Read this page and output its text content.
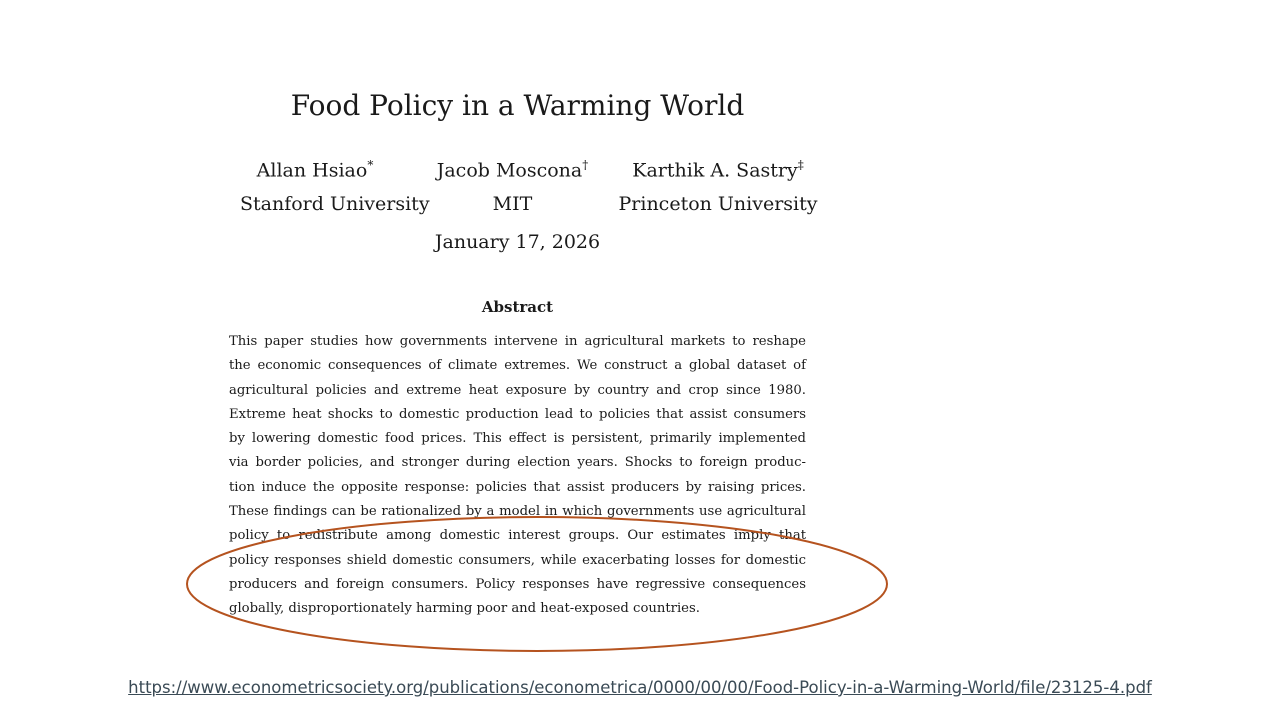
Food Policy in a Warming World
Allan Hsiao*
Stanford University
Jacob Moscona†
MIT
Karthik A. Sastry‡
Princeton University
January 17, 2026
Abstract
This paper studies how governments intervene in agricultural markets to reshape
the economic consequences of climate extremes. We construct a global dataset of
agricultural policies and extreme heat exposure by country and crop since 1980.
Extreme heat shocks to domestic production lead to policies that assist consumers
by lowering domestic food prices. This effect is persistent, primarily implemented
via border policies, and stronger during election years. Shocks to foreign produc-
tion induce the opposite response: policies that assist producers by raising prices.
These findings can be rationalized by a model in which governments use agricultural
policy to redistribute among domestic interest groups. Our estimates imply that
policy responses shield domestic consumers, while exacerbating losses for domestic
producers and foreign consumers. Policy responses have regressive consequences
globally, disproportionately harming poor and heat-exposed countries.
https://www.econometricsociety.org/publications/econometrica/0000/00/00/Food-Policy-in-a-Warming-World/file/23125-4.pdf
